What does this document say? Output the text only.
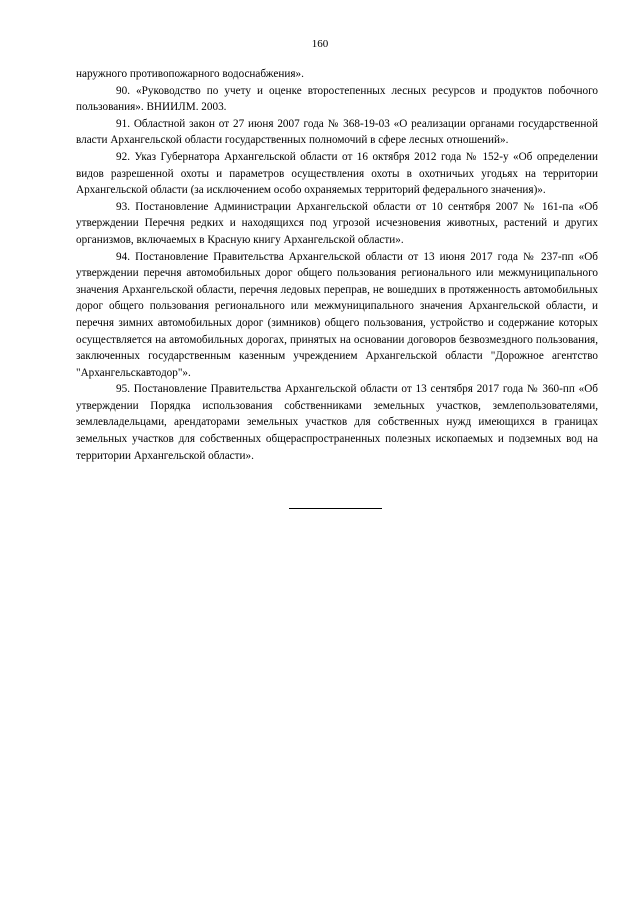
160

наружного противопожарного водоснабжения».

90. «Руководство по учету и оценке второстепенных лесных ресурсов и продуктов побочного пользования». ВНИИЛМ. 2003.

91. Областной закон от 27 июня 2007 года № 368-19-03 «О реализации органами государственной власти Архангельской области государственных полномочий в сфере лесных отношений».

92. Указ Губернатора Архангельской области от 16 октября 2012 года № 152-у «Об определении видов разрешенной охоты и параметров осуществления охоты в охотничьих угодьях на территории Архангельской области (за исключением особо охраняемых территорий федерального значения)».

93. Постановление Администрации Архангельской области от 10 сентября 2007 № 161-па «Об утверждении Перечня редких и находящихся под угрозой исчезновения животных, растений и других организмов, включаемых в Красную книгу Архангельской области».

94. Постановление Правительства Архангельской области от 13 июня 2017 года № 237-пп «Об утверждении перечня автомобильных дорог общего пользования регионального или межмуниципального значения Архангельской области, перечня ледовых переправ, не вошедших в протяженность автомобильных дорог общего пользования регионального или межмуниципального значения Архангельской области, и перечня зимних автомобильных дорог (зимников) общего пользования, устройство и содержание которых осуществляется на автомобильных дорогах, принятых на основании договоров безвозмездного пользования, заключенных государственным казенным учреждением Архангельской области "Дорожное агентство "Архангельскавтодор"».

95. Постановление Правительства Архангельской области от 13 сентября 2017 года № 360-пп «Об утверждении Порядка использования собственниками земельных участков, землепользователями, землевладельцами, арендаторами земельных участков для собственных нужд имеющихся в границах земельных участков для собственных общераспространенных полезных ископаемых и подземных вод на территории Архангельской области».
